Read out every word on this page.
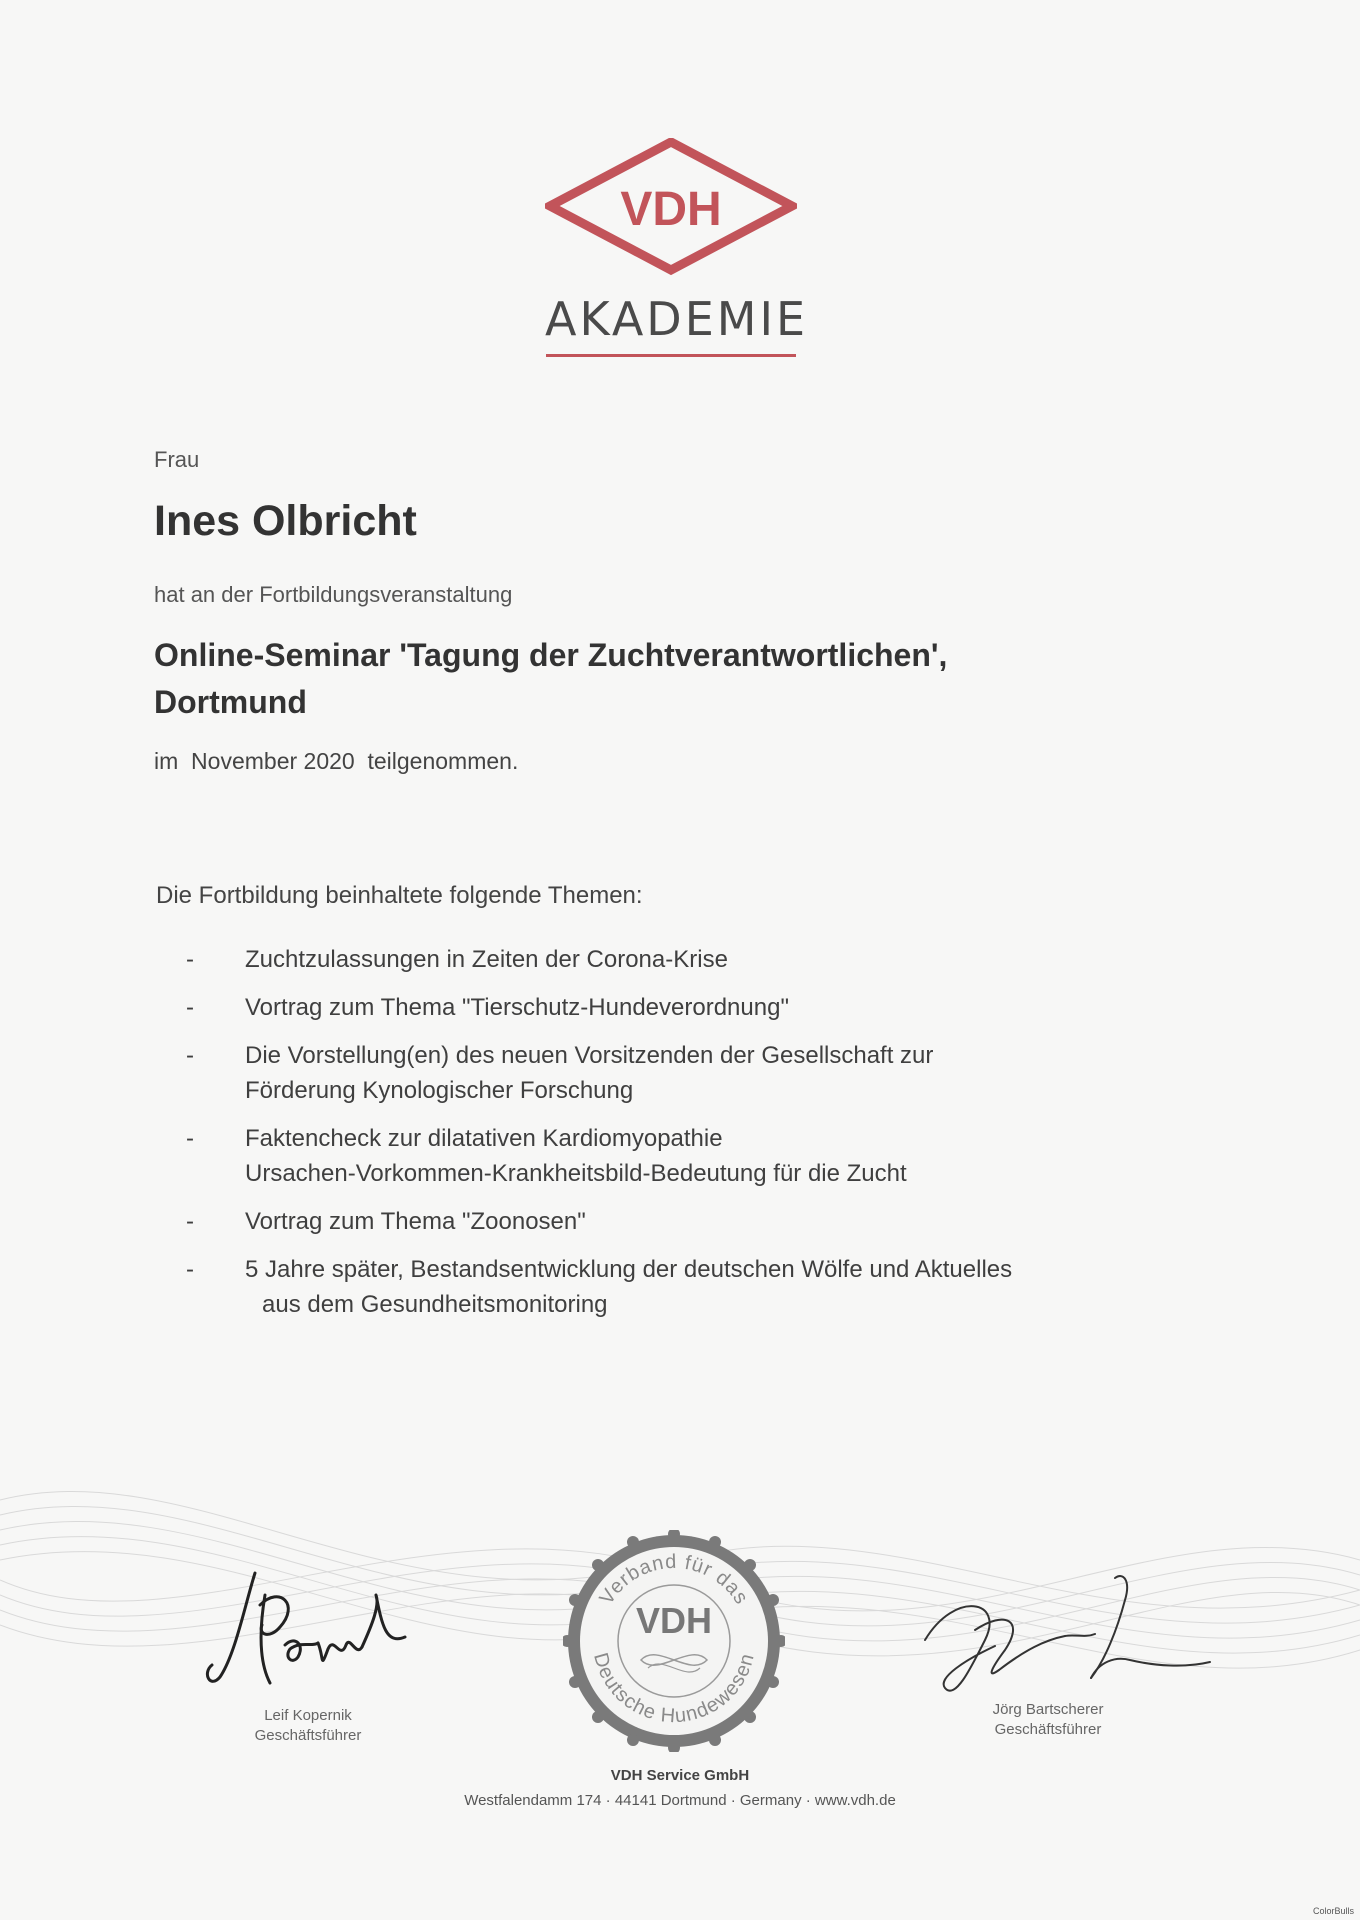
VDH
AKADEMIE
Frau
Ines Olbricht
hat an der Fortbildungsveranstaltung
Online-Seminar 'Tagung der Zuchtverantwortlichen',
Dortmund
im  November 2020  teilgenommen.
Die Fortbildung beinhaltete folgende Themen:
- Zuchtzulassungen in Zeiten der Corona-Krise
- Vortrag zum Thema "Tierschutz-Hundeverordnung"
- Die Vorstellung(en) des neuen Vorsitzenden der Gesellschaft zur
Förderung Kynologischer Forschung
- Faktencheck zur dilatativen Kardiomyopathie
Ursachen-Vorkommen-Krankheitsbild-Bedeutung für die Zucht
- Vortrag zum Thema "Zoonosen"
- 5 Jahre später, Bestandsentwicklung der deutschen Wölfe und Aktuelles
aus dem Gesundheitsmonitoring
Leif Kopernik
Geschäftsführer
Verband für das
Deutsche Hundewesen
VDH
Jörg Bartscherer
Geschäftsführer
VDH Service GmbH
Westfalendamm 174 · 44141 Dortmund · Germany · www.vdh.de
ColorBulls
